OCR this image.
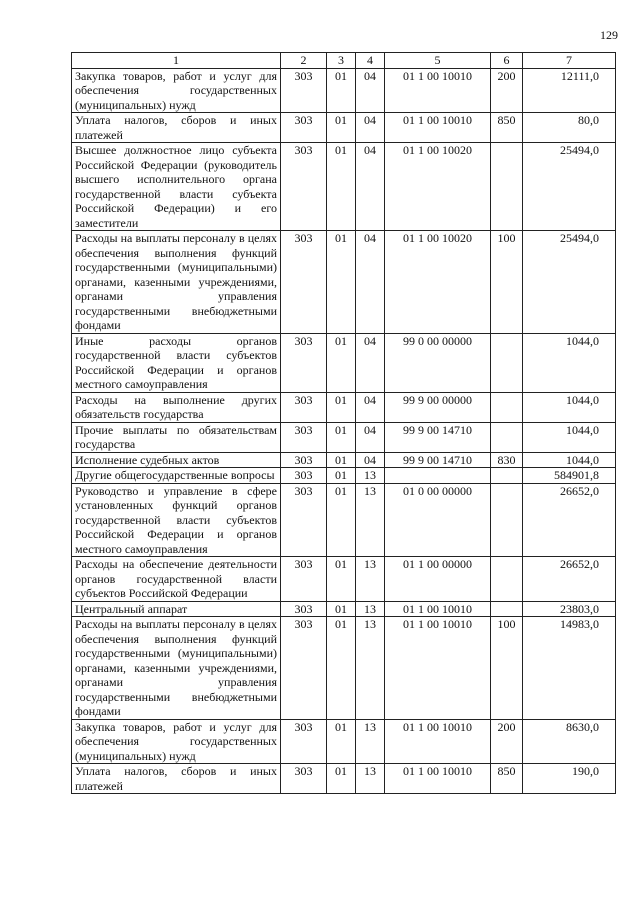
129
1	2	3	4	5	6	7
Закупка товаров, работ и услуг для обеспечения государственных (муниципальных) нужд	303	01	04	01 1 00 10010	200	12111,0
Уплата налогов, сборов и иных платежей	303	01	04	01 1 00 10010	850	80,0
Высшее должностное лицо субъекта Российской Федерации (руководитель высшего исполнительного органа государственной власти субъекта Российской Федерации) и его заместители	303	01	04	01 1 00 10020		25494,0
Расходы на выплаты персоналу в целях обеспечения выполнения функций государственными (муниципальными) органами, казенными учреждениями, органами управления государственными внебюджетными фондами	303	01	04	01 1 00 10020	100	25494,0
Иные расходы органов государственной власти субъектов Российской Федерации и органов местного самоуправления	303	01	04	99 0 00 00000		1044,0
Расходы на выполнение других обязательств государства	303	01	04	99 9 00 00000		1044,0
Прочие выплаты по обязательствам государства	303	01	04	99 9 00 14710		1044,0
Исполнение судебных актов	303	01	04	99 9 00 14710	830	1044,0
Другие общегосударственные вопросы	303	01	13			584901,8
Руководство и управление в сфере установленных функций органов государственной власти субъектов Российской Федерации и органов местного самоуправления	303	01	13	01 0 00 00000		26652,0
Расходы на обеспечение деятельности органов государственной власти субъектов Российской Федерации	303	01	13	01 1 00 00000		26652,0
Центральный аппарат	303	01	13	01 1 00 10010		23803,0
Расходы на выплаты персоналу в целях обеспечения выполнения функций государственными (муниципальными) органами, казенными учреждениями, органами управления государственными внебюджетными фондами	303	01	13	01 1 00 10010	100	14983,0
Закупка товаров, работ и услуг для обеспечения государственных (муниципальных) нужд	303	01	13	01 1 00 10010	200	8630,0
Уплата налогов, сборов и иных платежей	303	01	13	01 1 00 10010	850	190,0
